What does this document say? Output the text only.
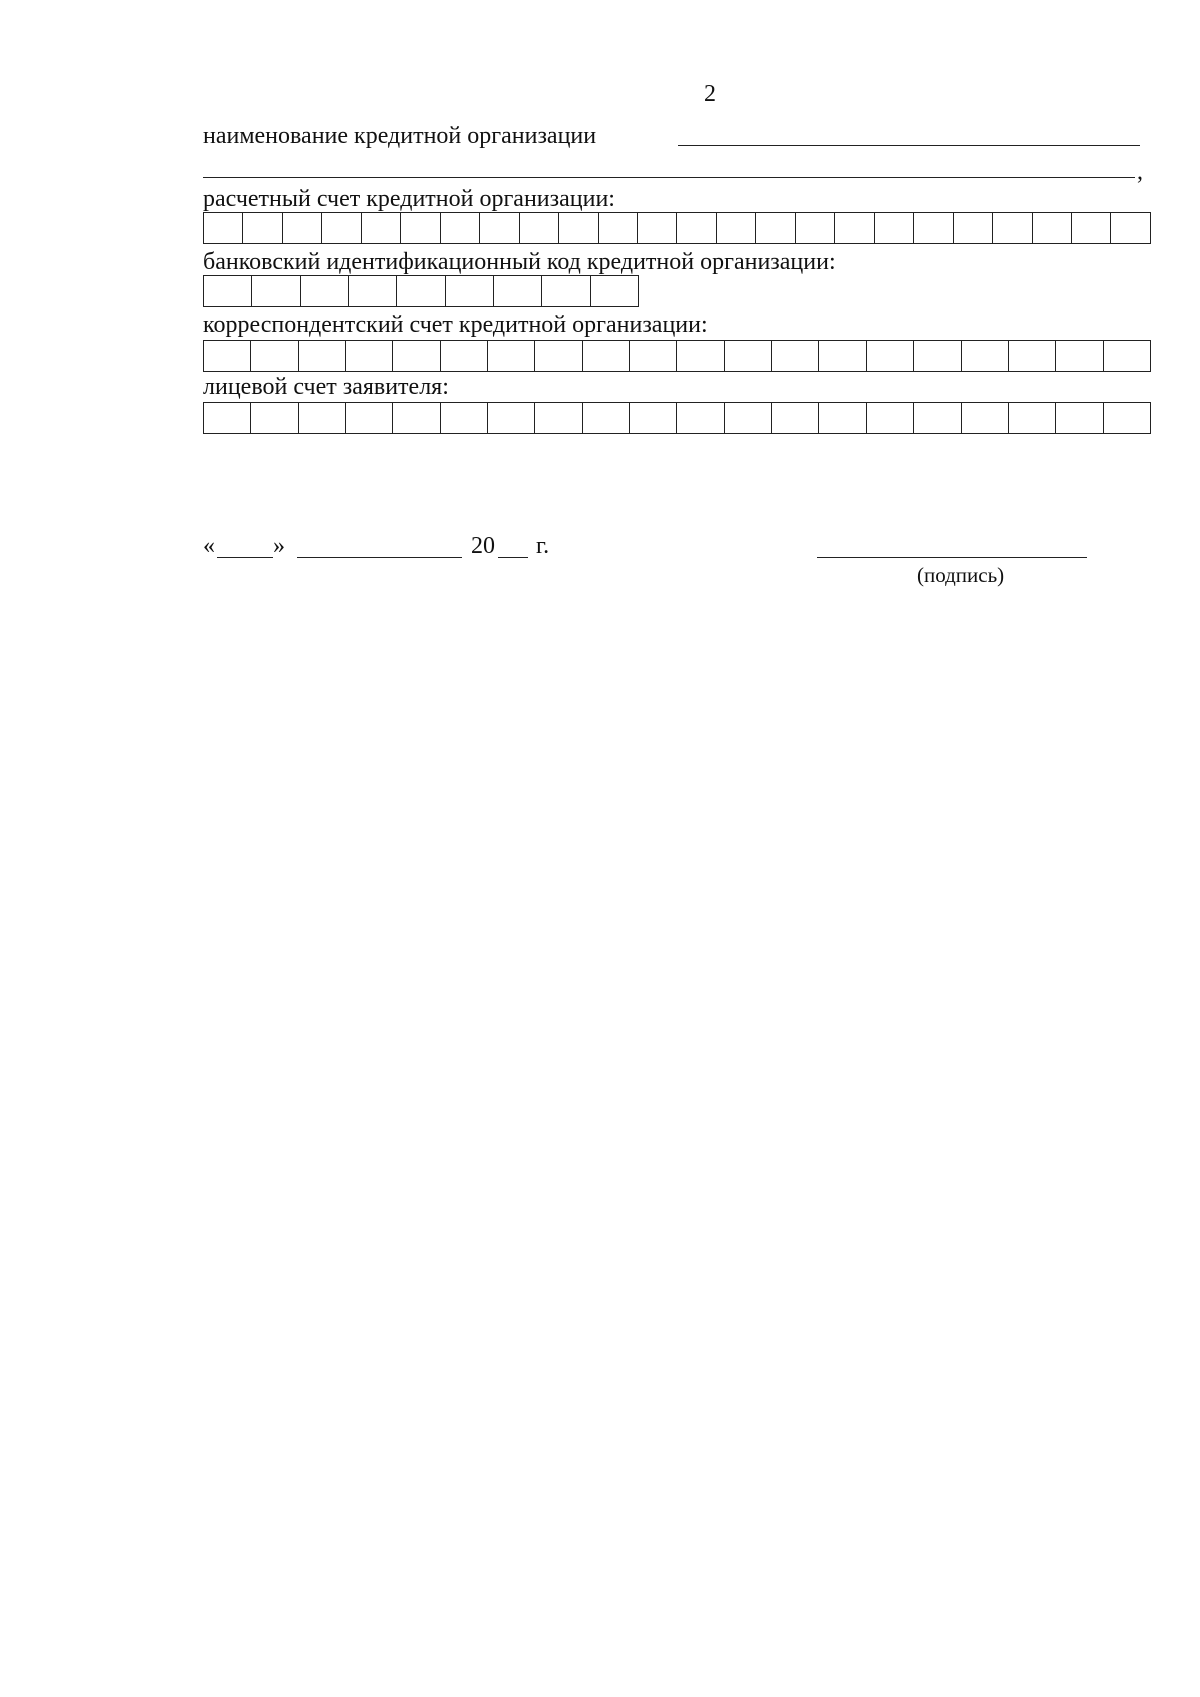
2
наименование кредитной организации
,
расчетный счет кредитной организации:
банковский идентификационный код кредитной организации:
корреспондентский счет кредитной организации:
лицевой счет заявителя:
« »	20 г.
(подпись)
